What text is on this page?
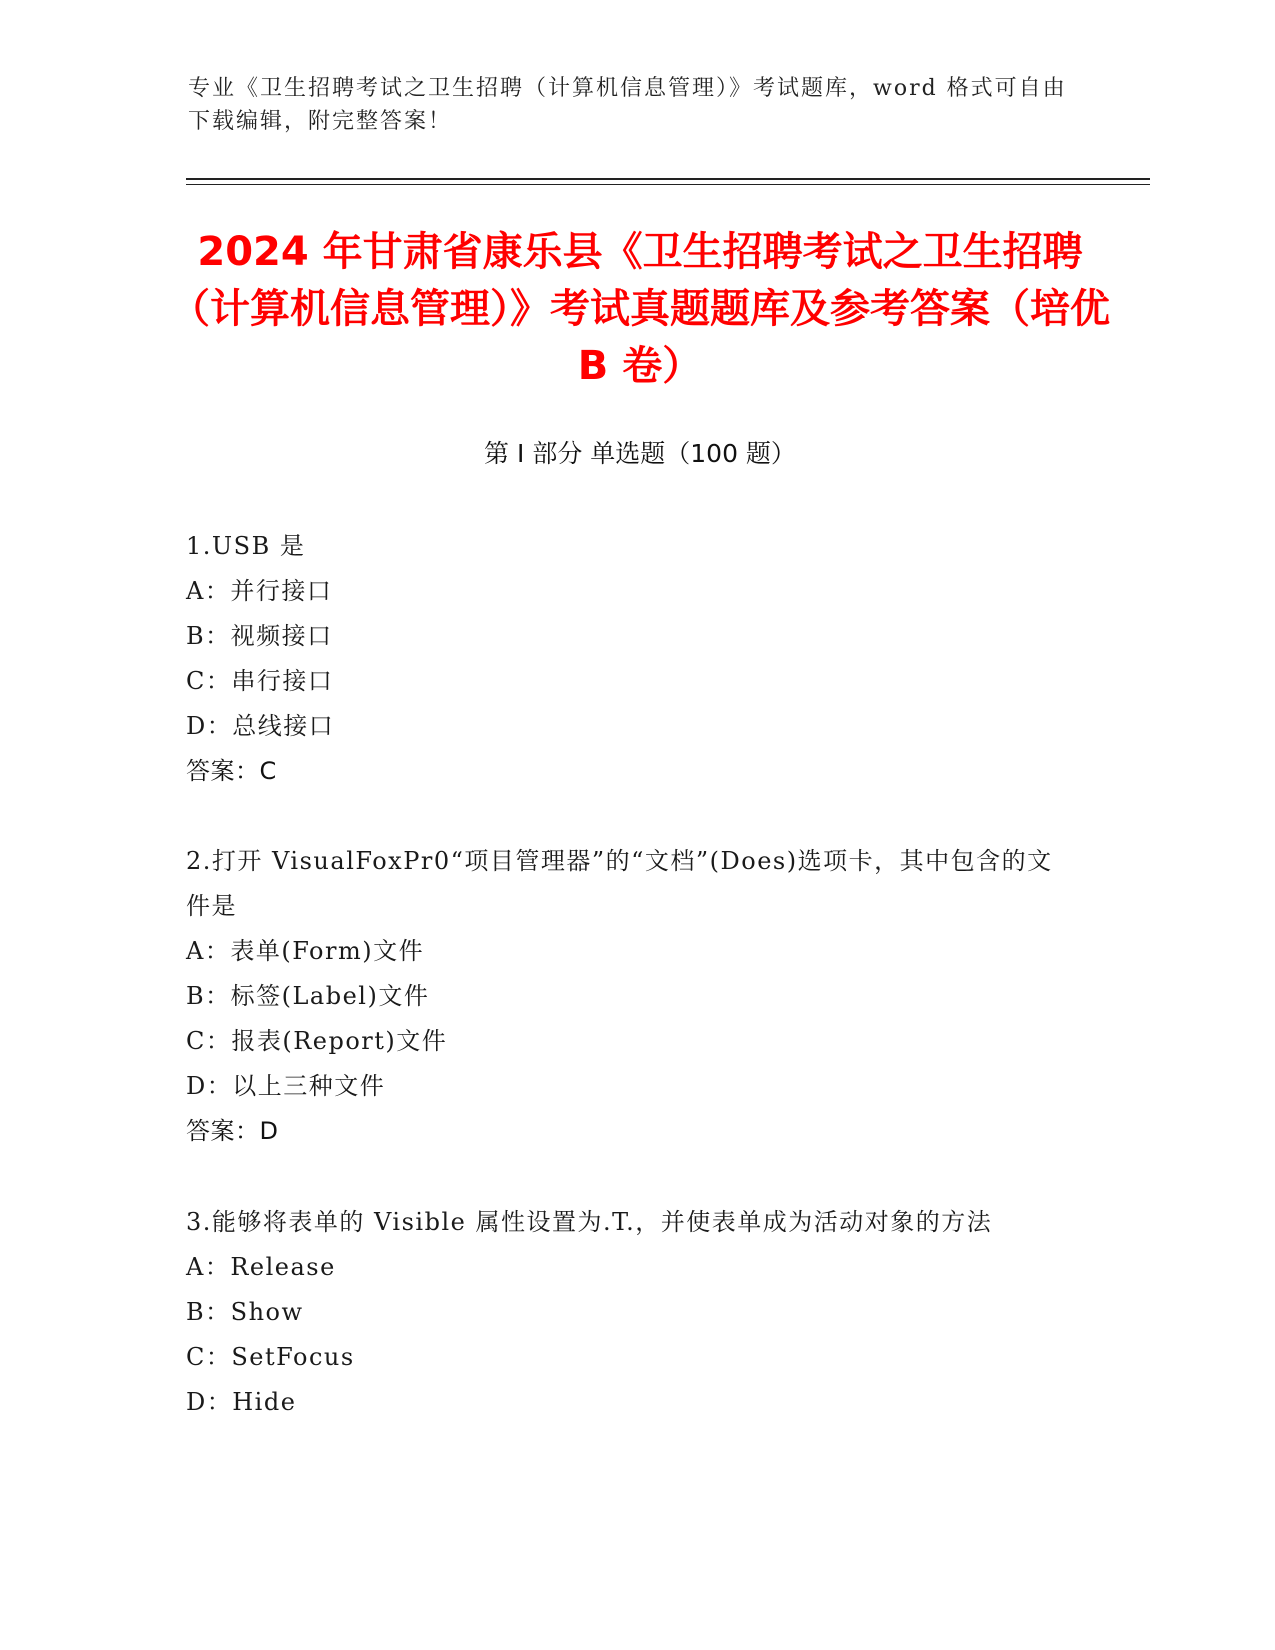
专业《卫生招聘考试之卫生招聘（计算机信息管理）》考试题库，word 格式可自由下载编辑，附完整答案！
2024 年甘肃省康乐县《卫生招聘考试之卫生招聘（计算机信息管理）》考试真题题库及参考答案（培优 B 卷）
第 I 部分 单选题（100 题）

1.USB 是

A：并行接口

B：视频接口

C：串行接口

D：总线接口

答案：C

2.打开 VisualFoxPr0“项目管理器”的“文档”(Does)选项卡，其中包含的文件是

A：表单(Form)文件

B：标签(Label)文件

C：报表(Report)文件

D：以上三种文件

答案：D

3.能够将表单的 Visible 属性设置为.T.，并使表单成为活动对象的方法

A：Release

B：Show

C：SetFocus

D：Hide
